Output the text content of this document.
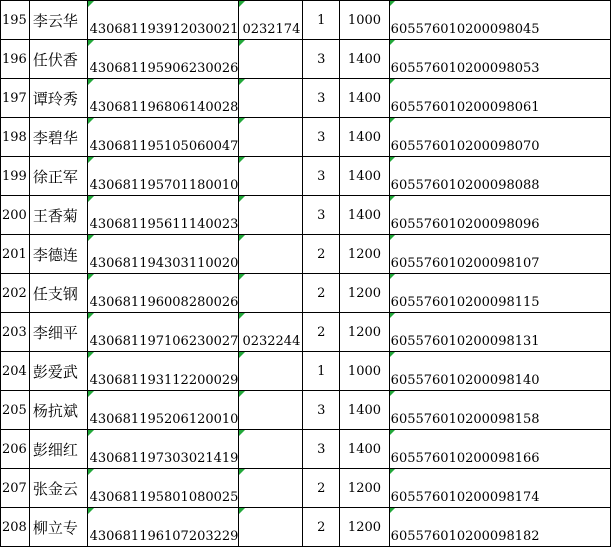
195	李云华	430681193912030021	0232174	1	1000	605576010200098045
196	任伏香	430681195906230026		3	1400	605576010200098053
197	谭玲秀	430681196806140028		3	1400	605576010200098061
198	李碧华	430681195105060047		3	1400	605576010200098070
199	徐正军	430681195701180010		3	1400	605576010200098088
200	王香菊	430681195611140023		3	1400	605576010200098096
201	李德连	430681194303110020		2	1200	605576010200098107
202	任支钢	430681196008280026		2	1200	605576010200098115
203	李细平	430681197106230027	0232244	2	1200	605576010200098131
204	彭爱武	430681193112200029		1	1000	605576010200098140
205	杨抗斌	430681195206120010		3	1400	605576010200098158
206	彭细红	430681197303021419		3	1400	605576010200098166
207	张金云	430681195801080025		2	1200	605576010200098174
208	柳立专	430681196107203229		2	1200	605576010200098182
